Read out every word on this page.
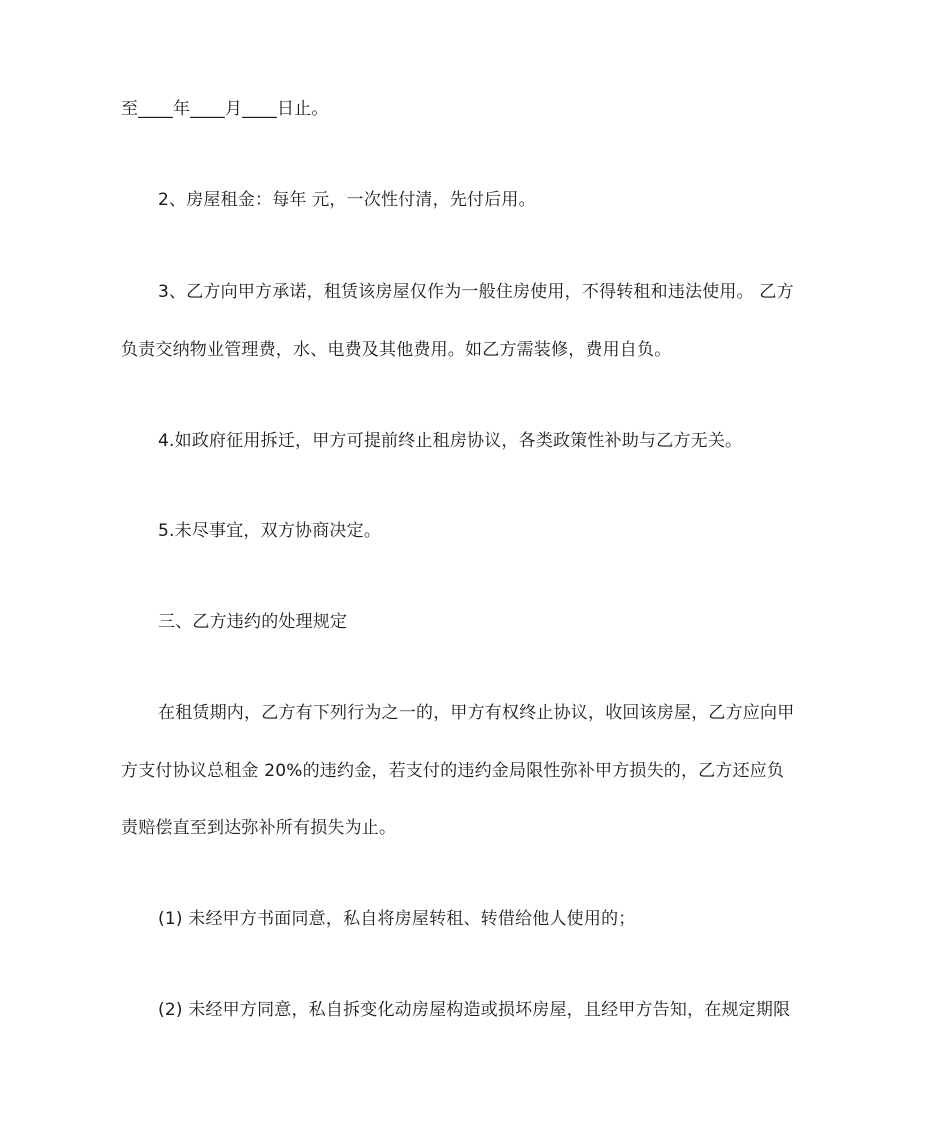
至____年____月____日止。
2、房屋租金：每年 元，一次性付清，先付后用。
3、乙方向甲方承诺，租赁该房屋仅作为一般住房使用，不得转租和违法使用。 乙方
负责交纳物业管理费，水、电费及其他费用。如乙方需装修，费用自负。
4.如政府征用拆迁，甲方可提前终止租房协议，各类政策性补助与乙方无关。
5.未尽事宜，双方协商决定。
三、乙方违约的处理规定
在租赁期内，乙方有下列行为之一的，甲方有权终止协议，收回该房屋，乙方应向甲
方支付协议总租金 20%的违约金，若支付的违约金局限性弥补甲方损失的，乙方还应负
责赔偿直至到达弥补所有损失为止。
(1) 未经甲方书面同意，私自将房屋转租、转借给他人使用的；
(2) 未经甲方同意，私自拆变化动房屋构造或损坏房屋，且经甲方告知，在规定期限
